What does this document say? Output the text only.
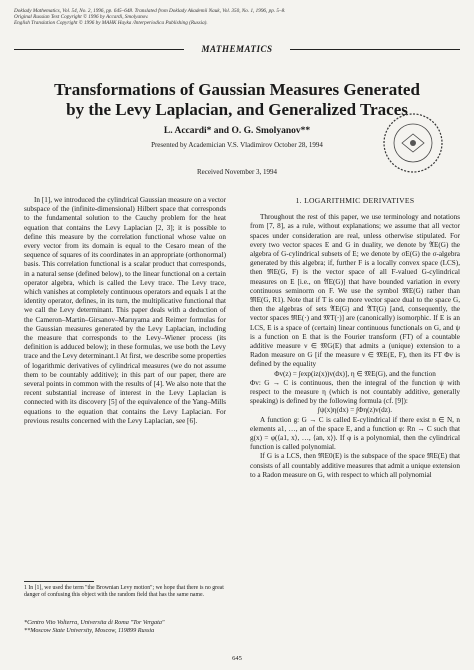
Doklady Mathematics, Vol. 54, No. 2, 1996, pp. 645–648. Translated from Doklady Akademii Nauk, Vol. 350, No. 1, 1996, pp. 5–8.
Original Russian Text Copyright © 1996 by Accardi, Smolyanov.
English Translation Copyright © 1996 by MAHK Hayka /Interperiodica Publishing (Russia).
MATHEMATICS
Transformations of Gaussian Measures Generated
by the Levy Laplacian, and Generalized Traces
L. Accardi* and O. G. Smolyanov**
Presented by Academician V.S. Vladimirov October 28, 1994
Received November 3, 1994

In [1], we introduced the cylindrical Gaussian measure on a vector subspace of the (infinite-dimensional) Hilbert space that corresponds to the fundamental solution to the Cauchy problem for the heat equation that contains the Levy Laplacian [2, 3]; it is possible to define this measure by the correlation functional whose value on every vector from its domain is equal to the Cesaro mean of the sequence of squares of its coordinates in an appropriate (orthonormal) basis. This correlation functional is a scalar product that corresponds, in a natural sense (defined below), to the linear functional on a certain operator algebra, which is called the Levy trace. The Levy trace, which vanishes at completely continuous operators and equals 1 at the identity operator, defines, in its turn, the multiplicative functional that we call the Levy determinant. This paper deals with a deduction of the Cameron–Martin–Girsanov–Maruyama and Reimer formulas for the Gaussian measures generated by the Levy Laplacian, including the measure that corresponds to the Levy–Wiener process (its definition is adduced below); in these formulas, we use both the Levy trace and the Levy determinant.1 At first, we describe some properties of logarithmic derivatives of cylindrical measures (we do not assume them to be countably additive); in this part of our paper, there are several points in common with the results of [4]. We also note that the recent substantial increase of interest in the Levy Laplacian is connected with its discovery [5] of the equivalence of the Yang–Mills equations to the equation that contains the Levy Laplacian. For previous results concerned with the Levy Laplacian, see [6].

1 In [1], we used the term "the Brownian Levy motion"; we hope that there is no great danger of confusing this object with the random field that has the same name.
*Centro Vito Volterra, Universita di Roma "Tor Vergata"
**Moscow State University, Moscow, 119899 Russia
1. LOGARITHMIC DERIVATIVES

Throughout the rest of this paper, we use terminology and notations from [7, 8], as a rule, without explanations; we assume that all vector spaces under consideration are real, unless otherwise stipulated. For every two vector spaces E and G in duality, we denote by 𝔄E(G) the algebra of G-cylindrical subsets of E; we denote by σE(G) the σ-algebra generated by this algebra; if, further F is a locally convex space (LCS), then 𝔐E(G, F) is the vector space of all F-valued G-cylindrical measures on E [i.e., on 𝔄E(G)] that have bounded variation in every continuous seminorm on F. We use the symbol 𝔐E(G) rather than 𝔐E(G, R1). Note that if T is one more vector space dual to the space G, then the algebras of sets 𝔄E(G) and 𝔄T(G) [and, consequently, the vector spaces 𝔐E(·) and 𝔐T(·)] are (canonically) isomorphic. If E is an LCS, E is a space of (certain) linear continuous functionals on G, and ψ is a function on E that is the Fourier transform (FT) of a countable additive measure ν ∈ 𝔐G(E) that admits a (unique) extension to a Radon measure on G [if the measure ν ∈ 𝔐E(E, F), then its FT Φν is defined by the equality

Φv(z) = ∫exp(iz(x))v(dx)], η ∈ 𝔐E(G), and the function

Φv: G → C is continuous, then the integral of the function ψ with respect to the measure η (which is not countably additive, generally speaking) is defined by the following formula (cf. [9]):

∫ψ(x)η(dx) = ∫Φη(z)v(dz).

A function g: G → C is called E-cylindrical if there exist n ∈ N, n elements a1, …, an of the space E, and a function φ: Rn → C such that g(x) = φ(⟨a1, x⟩, …, ⟨an, x⟩). If φ is a polynomial, then the cylindrical function is called polynomial.

If G is a LCS, then 𝔐E0(E) is the subspace of the space 𝔐E(E) that consists of all countably additive measures that admit a unique extension to a Radon measure on G, with respect to which all polynomial

645
